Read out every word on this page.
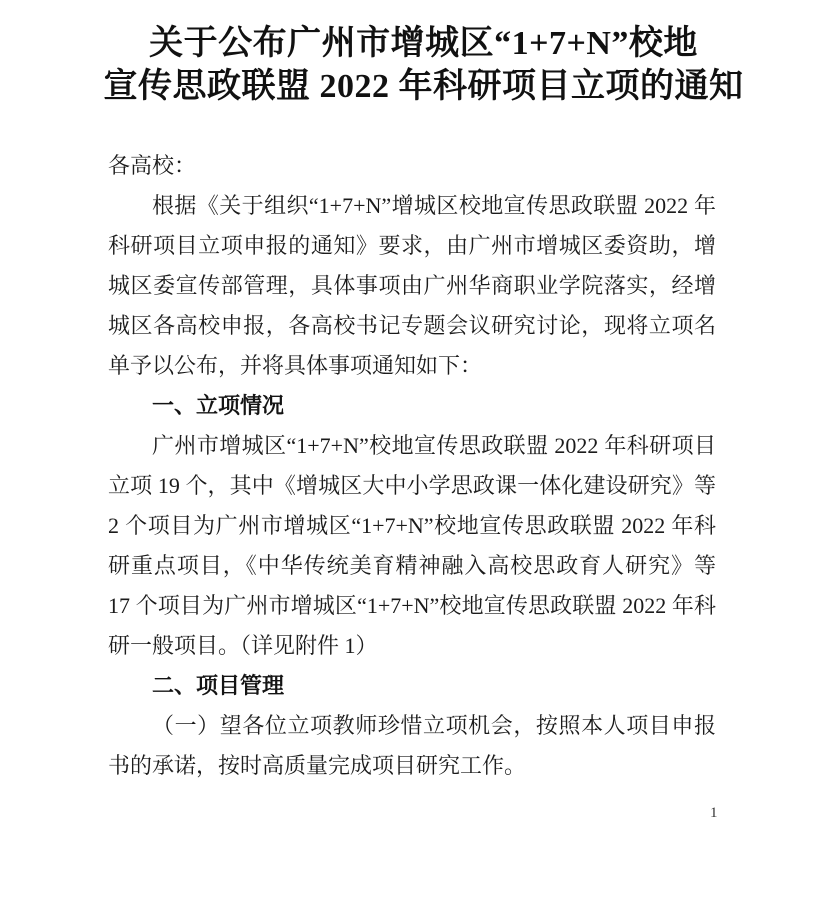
关于公布广州市增城区“1+7+N”校地
宣传思政联盟 2022 年科研项目立项的通知

各高校：

根据《关于组织“1+7+N”增城区校地宣传思政联盟 2022 年科研项目立项申报的通知》要求，由广州市增城区委资助，增城区委宣传部管理，具体事项由广州华商职业学院落实，经增城区各高校申报，各高校书记专题会议研究讨论，现将立项名单予以公布，并将具体事项通知如下：

一、立项情况

广州市增城区“1+7+N”校地宣传思政联盟 2022 年科研项目立项 19 个，其中《增城区大中小学思政课一体化建设研究》等 2 个项目为广州市增城区“1+7+N”校地宣传思政联盟 2022 年科研重点项目，《中华传统美育精神融入高校思政育人研究》等 17 个项目为广州市增城区“1+7+N”校地宣传思政联盟 2022 年科研一般项目。（详见附件 1）

二、项目管理

（一）望各位立项教师珍惜立项机会，按照本人项目申报书的承诺，按时高质量完成项目研究工作。

1
